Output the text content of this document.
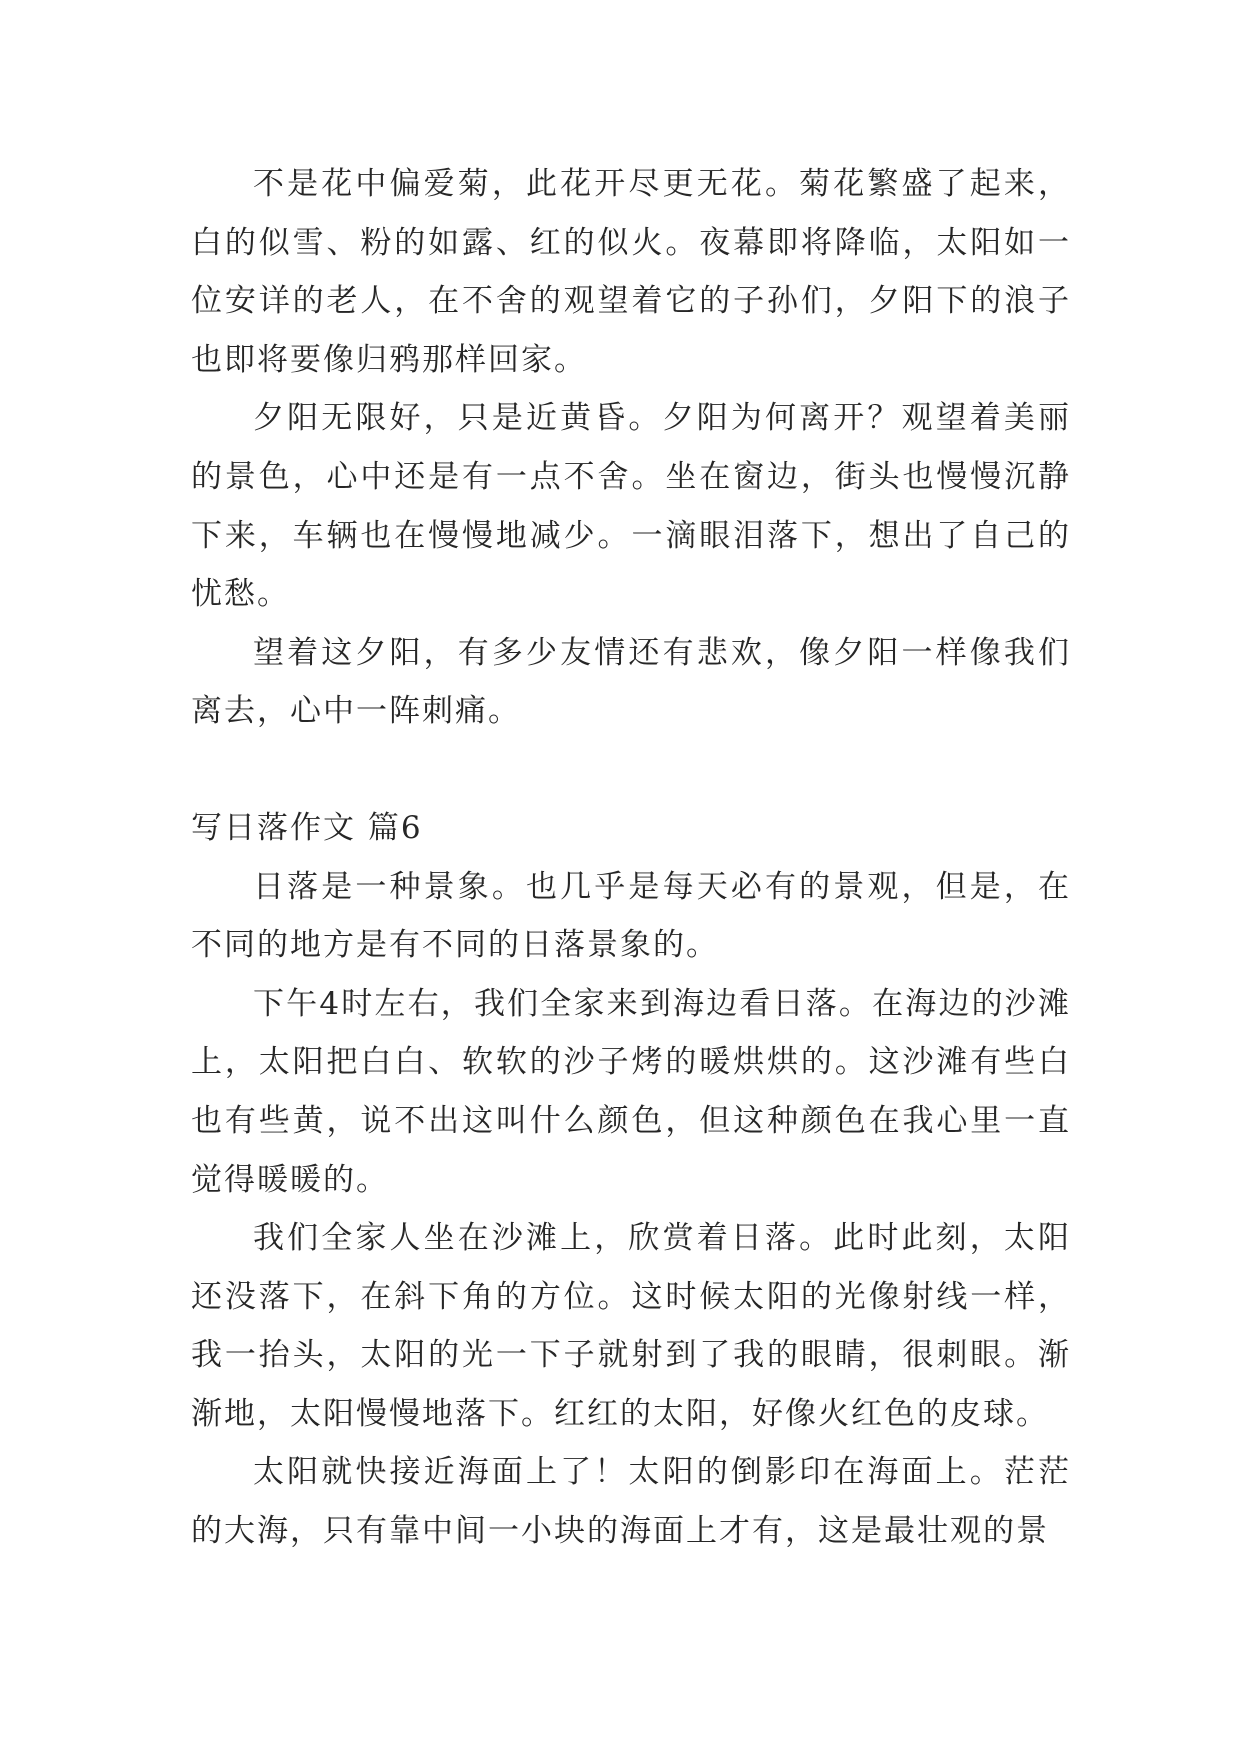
不是花中偏爱菊，此花开尽更无花。菊花繁盛了起来，白的似雪、粉的如露、红的似火。夜幕即将降临，太阳如一位安详的老人，在不舍的观望着它的子孙们，夕阳下的浪子也即将要像归鸦那样回家。

夕阳无限好，只是近黄昏。夕阳为何离开？观望着美丽的景色，心中还是有一点不舍。坐在窗边，街头也慢慢沉静下来，车辆也在慢慢地减少。一滴眼泪落下，想出了自己的忧愁。

望着这夕阳，有多少友情还有悲欢，像夕阳一样像我们离去，心中一阵刺痛。

写日落作文 篇6

日落是一种景象。也几乎是每天必有的景观，但是，在不同的地方是有不同的日落景象的。

下午4时左右，我们全家来到海边看日落。在海边的沙滩上，太阳把白白、软软的沙子烤的暖烘烘的。这沙滩有些白也有些黄，说不出这叫什么颜色，但这种颜色在我心里一直觉得暖暖的。

我们全家人坐在沙滩上，欣赏着日落。此时此刻，太阳还没落下，在斜下角的方位。这时候太阳的光像射线一样，我一抬头，太阳的光一下子就射到了我的眼睛，很刺眼。渐渐地，太阳慢慢地落下。红红的太阳，好像火红色的皮球。

太阳就快接近海面上了！太阳的倒影印在海面上。茫茫的大海，只有靠中间一小块的海面上才有，这是最壮观的景
